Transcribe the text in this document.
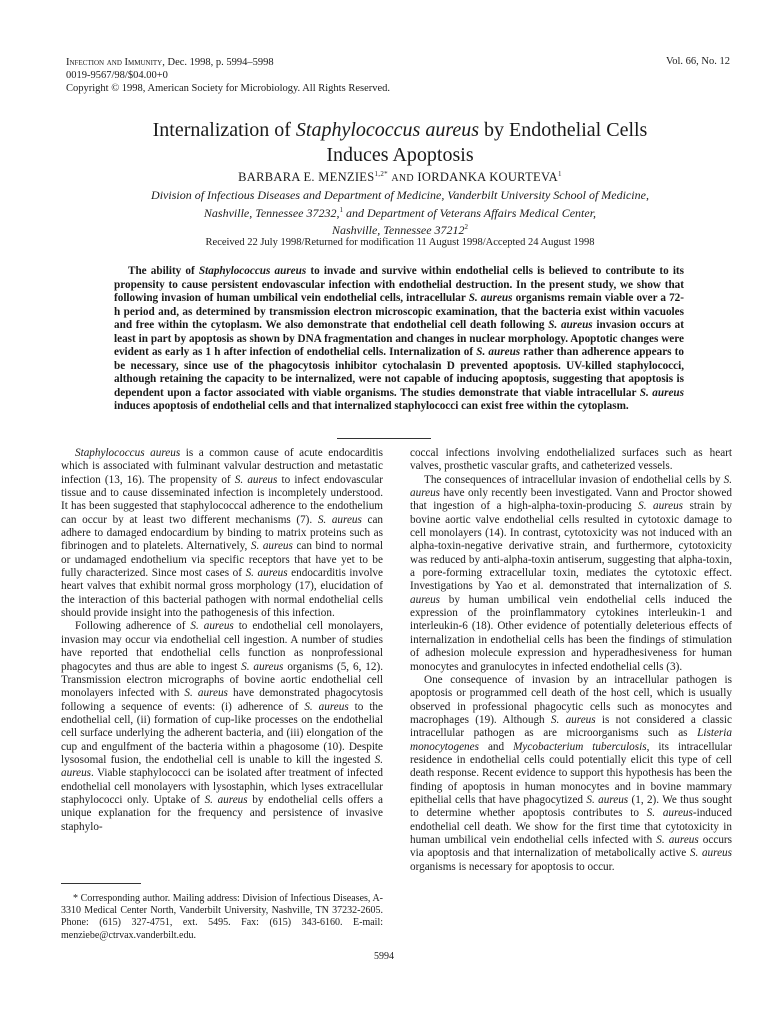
Infection and Immunity, Dec. 1998, p. 5994–5998
0019-9567/98/$04.00+0
Copyright © 1998, American Society for Microbiology. All Rights Reserved.
Vol. 66, No. 12
Internalization of Staphylococcus aureus by Endothelial Cells
Induces Apoptosis
BARBARA E. $MENZIES^{1,2*}$ AND IORDANKA KOURTEVA$^1$
Division of Infectious Diseases and Department of Medicine, Vanderbilt University School of Medicine,
Nashville, Tennessee 37232,$^1$ and Department of Veterans Affairs Medical Center,
Nashville, Tennessee 37212$^2$
Received 22 July 1998/Returned for modification 11 August 1998/Accepted 24 August 1998
The ability of Staphylococcus aureus to invade and survive within endothelial cells is believed to contribute to its propensity to cause persistent endovascular infection with endothelial destruction. In the present study, we show that following invasion of human umbilical vein endothelial cells, intracellular S. aureus organisms remain viable over a 72-h period and, as determined by transmission electron microscopic examination, that the bacteria exist within vacuoles and free within the cytoplasm. We also demonstrate that endothelial cell death following S. aureus invasion occurs at least in part by apoptosis as shown by DNA fragmentation and changes in nuclear morphology. Apoptotic changes were evident as early as 1 h after infection of endothelial cells. Internalization of S. aureus rather than adherence appears to be necessary, since use of the phagocytosis inhibitor cytochalasin D prevented apoptosis. UV-killed staphylococci, although retaining the capacity to be internalized, were not capable of inducing apoptosis, suggesting that apoptosis is dependent upon a factor associated with viable organisms. The studies demonstrate that viable intracellular S. aureus induces apoptosis of endothelial cells and that internalized staphylococci can exist free within the cytoplasm.

Staphylococcus aureus is a common cause of acute endocarditis which is associated with fulminant valvular destruction and metastatic infection (13, 16). The propensity of S. aureus to infect endovascular tissue and to cause disseminated infection is incompletely understood. It has been suggested that staphylococcal adherence to the endothelium can occur by at least two different mechanisms (7). S. aureus can adhere to damaged endocardium by binding to matrix proteins such as fibrinogen and to platelets. Alternatively, S. aureus can bind to normal or undamaged endothelium via specific receptors that have yet to be fully characterized. Since most cases of S. aureus endocarditis involve heart valves that exhibit normal gross morphology (17), elucidation of the interaction of this bacterial pathogen with normal endothelial cells should provide insight into the pathogenesis of this infection.

Following adherence of S. aureus to endothelial cell monolayers, invasion may occur via endothelial cell ingestion. A number of studies have reported that endothelial cells function as nonprofessional phagocytes and thus are able to ingest S. aureus organisms (5, 6, 12). Transmission electron micrographs of bovine aortic endothelial cell monolayers infected with S. aureus have demonstrated phagocytosis following a sequence of events: (i) adherence of S. aureus to the endothelial cell, (ii) formation of cup-like processes on the endothelial cell surface underlying the adherent bacteria, and (iii) elongation of the cup and engulfment of the bacteria within a phagosome (10). Despite lysosomal fusion, the endothelial cell is unable to kill the ingested S. aureus. Viable staphylococci can be isolated after treatment of infected endothelial cell monolayers with lysostaphin, which lyses extracellular staphylococci only. Uptake of S. aureus by endothelial cells offers a unique explanation for the frequency and persistence of invasive staphylo-

* Corresponding author. Mailing address: Division of Infectious Diseases, A-3310 Medical Center North, Vanderbilt University, Nashville, TN 37232-2605. Phone: (615) 327-4751, ext. 5495. Fax: (615) 343-6160. E-mail: menziebe@ctrvax.vanderbilt.edu.

coccal infections involving endothelialized surfaces such as heart valves, prosthetic vascular grafts, and catheterized vessels.

The consequences of intracellular invasion of endothelial cells by S. aureus have only recently been investigated. Vann and Proctor showed that ingestion of a high-alpha-toxin-producing S. aureus strain by bovine aortic valve endothelial cells resulted in cytotoxic damage to cell monolayers (14). In contrast, cytotoxicity was not induced with an alpha-toxin-negative derivative strain, and furthermore, cytotoxicity was reduced by anti-alpha-toxin antiserum, suggesting that alpha-toxin, a pore-forming extracellular toxin, mediates the cytotoxic effect. Investigations by Yao et al. demonstrated that internalization of S. aureus by human umbilical vein endothelial cells induced the expression of the proinflammatory cytokines interleukin-1 and interleukin-6 (18). Other evidence of potentially deleterious effects of internalization in endothelial cells has been the findings of stimulation of adhesion molecule expression and hyperadhesiveness for human monocytes and granulocytes in infected endothelial cells (3).

One consequence of invasion by an intracellular pathogen is apoptosis or programmed cell death of the host cell, which is usually observed in professional phagocytic cells such as monocytes and macrophages (19). Although S. aureus is not considered a classic intracellular pathogen as are microorganisms such as Listeria monocytogenes and Mycobacterium tuberculosis, its intracellular residence in endothelial cells could potentially elicit this type of cell death response. Recent evidence to support this hypothesis has been the finding of apoptosis in human monocytes and in bovine mammary epithelial cells that have phagocytized S. aureus (1, 2). We thus sought to determine whether apoptosis contributes to S. aureus-induced endothelial cell death. We show for the first time that cytotoxicity in human umbilical vein endothelial cells infected with S. aureus occurs via apoptosis and that internalization of metabolically active S. aureus organisms is necessary for apoptosis to occur.

5994
